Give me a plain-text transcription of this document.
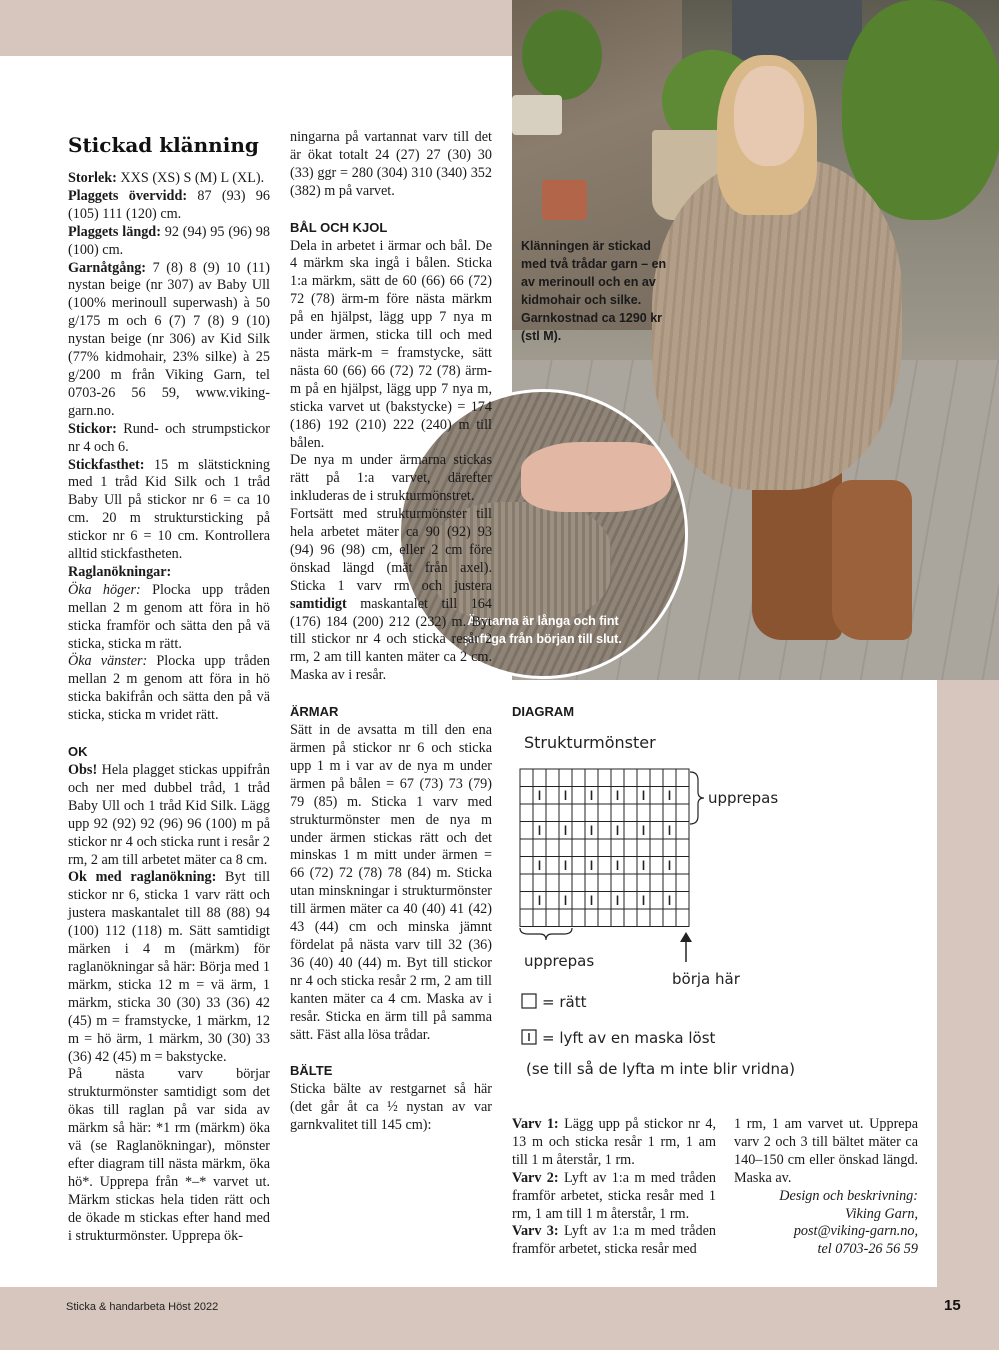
Klänningen är stickad med två trådar garn – en av merinoull och en av kidmohair och silke. Garnkostnad ca 1290 kr (stl M).
Ärmarna är långa och fint puffiga från början till slut.
Stickad klänning

Storlek: XXS (XS) S (M) L (XL).

Plaggets övervidd: 87 (93) 96 (105) 111 (120) cm.

Plaggets längd: 92 (94) 95 (96) 98 (100) cm.

Garnåtgång: 7 (8) 8 (9) 10 (11) nystan beige (nr 307) av Baby Ull (100% merinoull superwash) à 50 g/175 m och 6 (7) 7 (8) 9 (10) nystan beige (nr 306) av Kid Silk (77% kidmohair, 23% silke) à 25 g/200 m från Viking Garn, tel 0703-26 56 59, www.viking-garn.no.

Stickor: Rund- och strumpstickor nr 4 och 6.

Stickfasthet: 15 m slätstickning med 1 tråd Kid Silk och 1 tråd Baby Ull på stickor nr 6 = ca 10 cm. 20 m struktursticking på stickor nr 6 = 10 cm. Kontrollera alltid stickfastheten.

Raglanökningar:

Öka höger: Plocka upp tråden mellan 2 m genom att föra in hö sticka framför och sätta den på vä sticka, sticka m rätt.

Öka vänster: Plocka upp tråden mellan 2 m genom att föra in hö sticka bakifrån och sätta den på vä sticka, sticka m vridet rätt.

OK

Obs! Hela plagget stickas uppifrån och ner med dubbel tråd, 1 tråd Baby Ull och 1 tråd Kid Silk. Lägg upp 92 (92) 92 (96) 96 (100) m på stickor nr 4 och sticka runt i resår 2 rm, 2 am till arbetet mäter ca 8 cm.

Ok med raglanökning: Byt till stickor nr 6, sticka 1 varv rätt och justera maskantalet till 88 (88) 94 (100) 112 (118) m. Sätt samtidigt märken i 4 m (märkm) för raglanökningar så här: Börja med 1 märkm, sticka 12 m = vä ärm, 1 märkm, sticka 30 (30) 33 (36) 42 (45) m = framstycke, 1 märkm, 12 m = hö ärm, 1 märkm, 30 (30) 33 (36) 42 (45) m = bakstycke.

På nästa varv börjar strukturmönster samtidigt som det ökas till raglan på var sida av märkm så här: *1 rm (märkm) öka vä (se Raglanökningar), mönster efter diagram till nästa märkm, öka hö*. Upprepa från *–* varvet ut. Märkm stickas hela tiden rätt och de ökade m stickas efter hand med i strukturmönster. Upprepa ök-

ningarna på vartannat varv till det är ökat totalt 24 (27) 27 (30) 30 (33) ggr = 280 (304) 310 (340) 352 (382) m på varvet.

BÅL OCH KJOL

Dela in arbetet i ärmar och bål. De 4 märkm ska ingå i bålen. Sticka 1:a märkm, sätt de 60 (66) 66 (72) 72 (78) ärm-m före nästa märkm på en hjälpst, lägg upp 7 nya m under ärmen, sticka till och med nästa märk-m = framstycke, sätt nästa 60 (66) 66 (72) 72 (78) ärm-m på en hjälpst, lägg upp 7 nya m, sticka varvet ut (bakstycke) = 174 (186) 192 (210) 222 (240) m till bålen.

De nya m under ärmarna stickas rätt på 1:a varvet, därefter inkluderas de i strukturmönstret.

Fortsätt med strukturmönster till hela arbetet mäter ca 90 (92) 93 (94) 96 (98) cm, eller 2 cm före önskad längd (mät från axel). Sticka 1 varv rm och justera samtidigt maskantalet till 164 (176) 184 (200) 212 (232) m. Byt till stickor nr 4 och sticka resår 2 rm, 2 am till kanten mäter ca 2 cm. Maska av i resår.

ÄRMAR

Sätt in de avsatta m till den ena ärmen på stickor nr 6 och sticka upp 1 m i var av de nya m under ärmen på bålen = 67 (73) 73 (79) 79 (85) m. Sticka 1 varv med strukturmönster men de nya m under ärmen stickas rätt och det minskas 1 m mitt under ärmen = 66 (72) 72 (78) 78 (84) m. Sticka utan minskningar i strukturmönster till ärmen mäter ca 40 (40) 41 (42) 43 (44) cm och minska jämnt fördelat på nästa varv till 32 (36) 36 (40) 40 (44) m. Byt till stickor nr 4 och sticka resår 2 rm, 2 am till kanten mäter ca 4 cm. Maska av i resår. Sticka en ärm till på samma sätt. Fäst alla lösa trådar.

BÄLTE

Sticka bälte av restgarnet så här (det går åt ca ½ nystan av var garnkvalitet till 145 cm):

DIAGRAM
Strukturmönster
upprepas
upprepas
börja här
= rätt
= lyft av en maska löst
(se till så de lyfta m inte blir vridna)

Varv 1: Lägg upp på stickor nr 4, 13 m och sticka resår 1 rm, 1 am till 1 m återstår, 1 rm.

Varv 2: Lyft av 1:a m med tråden framför arbetet, sticka resår med 1 rm, 1 am till 1 m återstår, 1 rm.

Varv 3: Lyft av 1:a m med tråden framför arbetet, sticka resår med

1 rm, 1 am varvet ut. Upprepa varv 2 och 3 till bältet mäter ca 140–150 cm eller önskad längd. Maska av.

Design och beskrivning:

Viking Garn,

post@viking-garn.no,

tel 0703-26 56 59

Sticka & handarbeta Höst 2022	15
